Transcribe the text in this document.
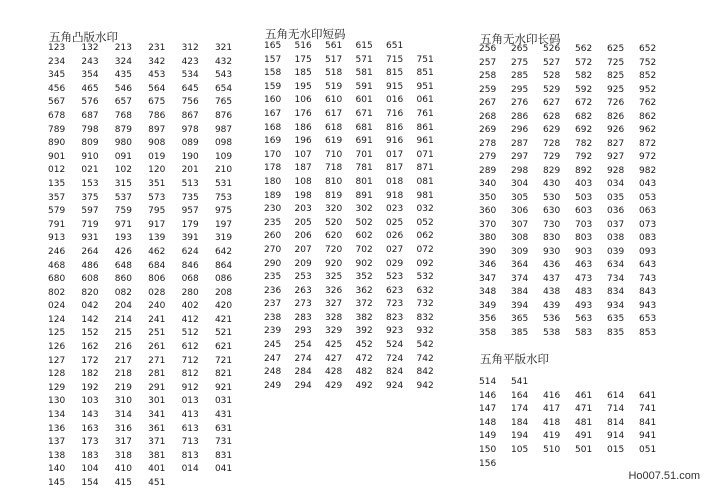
五角凸版水印
123	132	213	231	312	321
234	243	324	342	423	432
345	354	435	453	534	543
456	465	546	564	645	654
567	576	657	675	756	765
678	687	768	786	867	876
789	798	879	897	978	987
890	809	980	908	089	098
901	910	091	019	190	109
012	021	102	120	201	210
135	153	315	351	513	531
357	375	537	573	735	753
579	597	759	795	957	975
791	719	971	917	179	197
913	931	193	139	391	319
246	264	426	462	624	642
468	486	648	684	846	864
680	608	860	806	068	086
802	820	082	028	280	208
024	042	204	240	402	420
124	142	214	241	412	421
125	152	215	251	512	521
126	162	216	261	612	621
127	172	217	271	712	721
128	182	218	281	812	821
129	192	219	291	912	921
130	103	310	301	013	031
134	143	314	341	413	431
136	163	316	361	613	631
137	173	317	371	713	731
138	183	318	381	813	831
140	104	410	401	014	041
145	154	415	451
五角无水印短码
165	516	561	615	651
157	175	517	571	715	751
158	185	518	581	815	851
159	195	519	591	915	951
160	106	610	601	016	061
167	176	617	671	716	761
168	186	618	681	816	861
169	196	619	691	916	961
170	107	710	701	017	071
178	187	718	781	817	871
180	108	810	801	018	081
189	198	819	891	918	981
230	203	320	302	023	032
235	205	520	502	025	052
260	206	620	602	026	062
270	207	720	702	027	072
290	209	920	902	029	092
235	253	325	352	523	532
236	263	326	362	623	632
237	273	327	372	723	732
238	283	328	382	823	832
239	293	329	392	923	932
245	254	425	452	524	542
247	274	427	472	724	742
248	284	428	482	824	842
249	294	429	492	924	942
五角无水印长码
256	265	526	562	625	652
257	275	527	572	725	752
258	285	528	582	825	852
259	295	529	592	925	952
267	276	627	672	726	762
268	286	628	682	826	862
269	296	629	692	926	962
278	287	728	782	827	872
279	297	729	792	927	972
289	298	829	892	928	982
340	304	430	403	034	043
350	305	530	503	035	053
360	306	630	603	036	063
370	307	730	703	037	073
380	308	830	803	038	083
390	309	930	903	039	093
346	364	436	463	634	643
347	374	437	473	734	743
348	384	438	483	834	843
349	394	439	493	934	943
356	365	536	563	635	653
358	385	538	583	835	853
五角平版水印
514	541
146	164	416	461	614	641
147	174	417	471	714	741
148	184	418	481	814	841
149	194	419	491	914	941
150	105	510	501	015	051
156
Ho007.51.com
